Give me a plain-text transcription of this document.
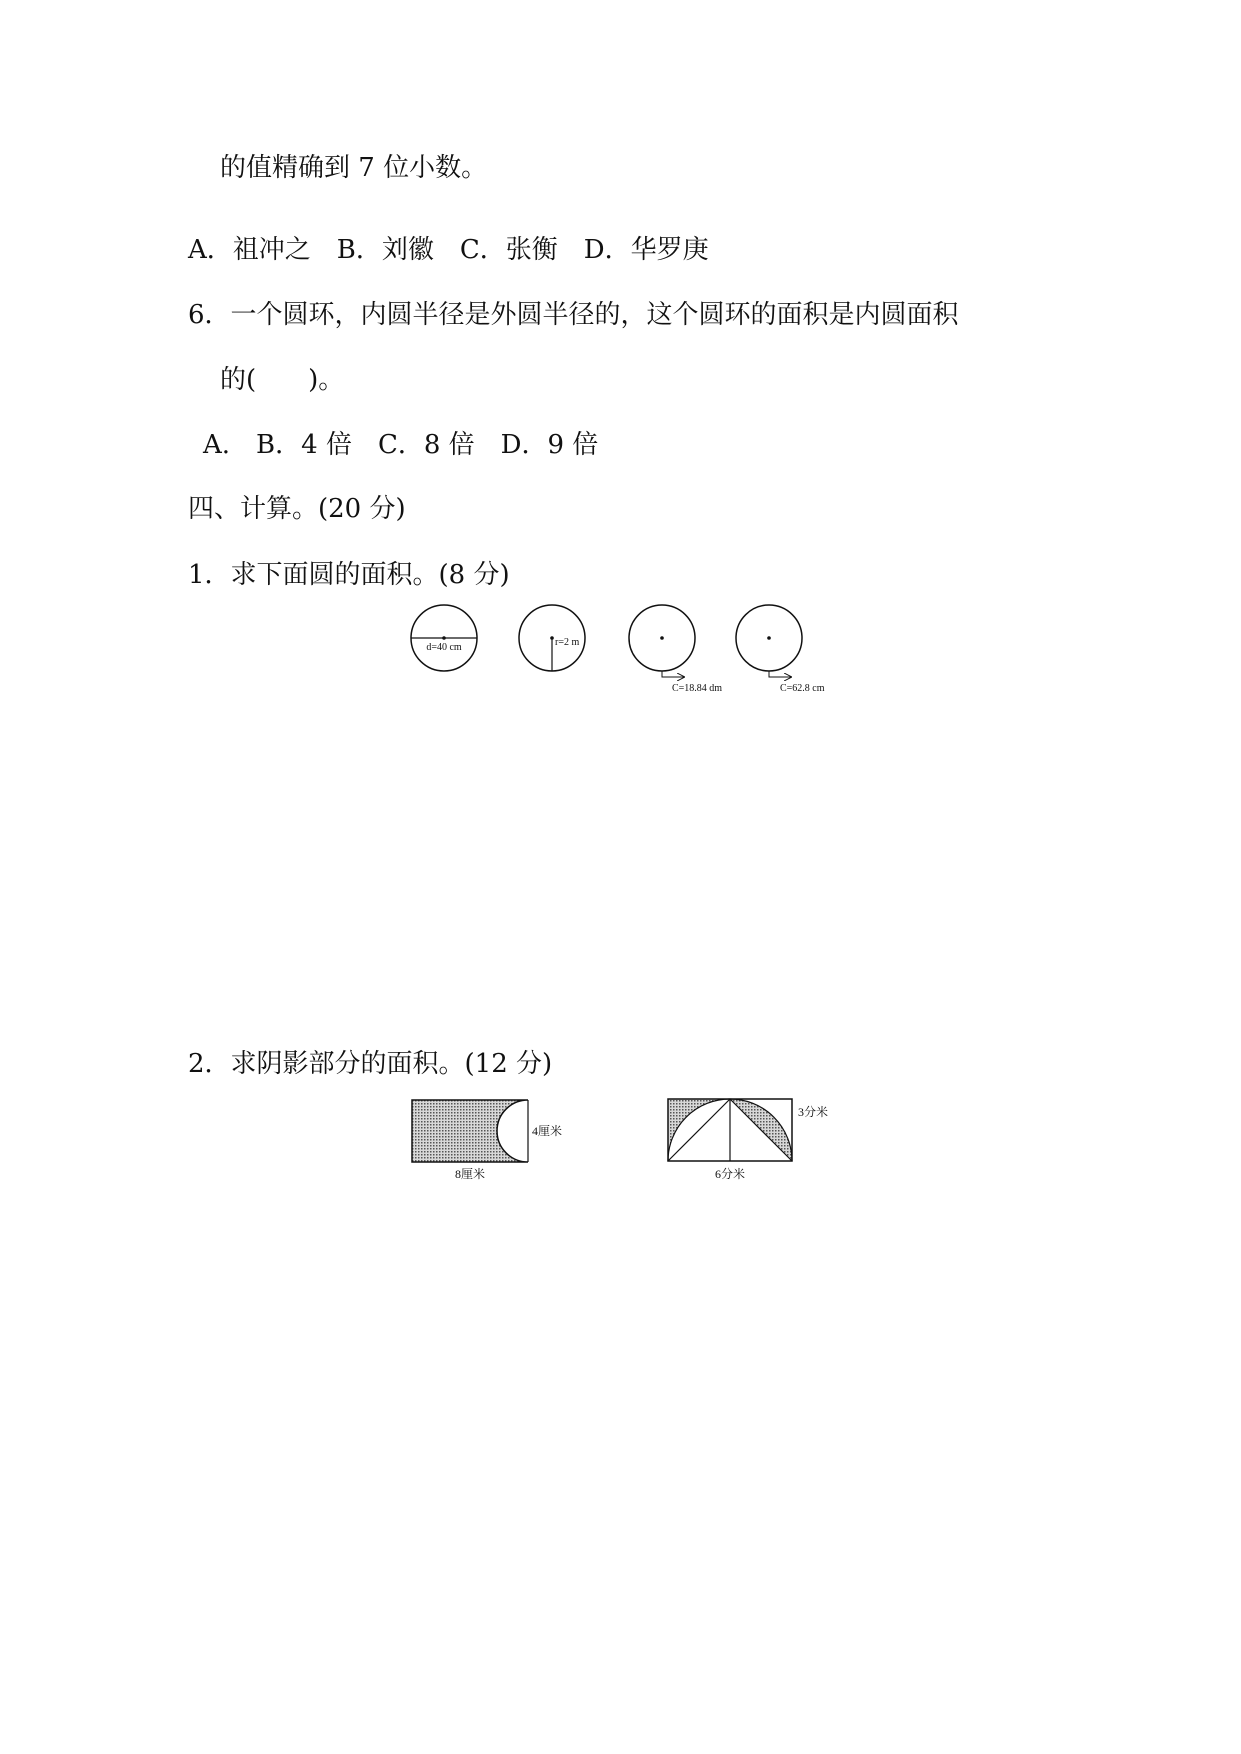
的值精确到 7 位小数。
A．祖冲之　B．刘徽　C．张衡　D．华罗庚
6．一个圆环，内圆半径是外圆半径的，这个圆环的面积是内圆面积
的(　　)。
A.　B．4 倍　C．8 倍　D．9 倍
四、计算。(20 分)
1．求下面圆的面积。(8 分)
d=40 cm	r=2 m
C=18.84 dm	C=62.8 cm
2．求阴影部分的面积。(12 分)
4厘米
8厘米
3分米
6分米
